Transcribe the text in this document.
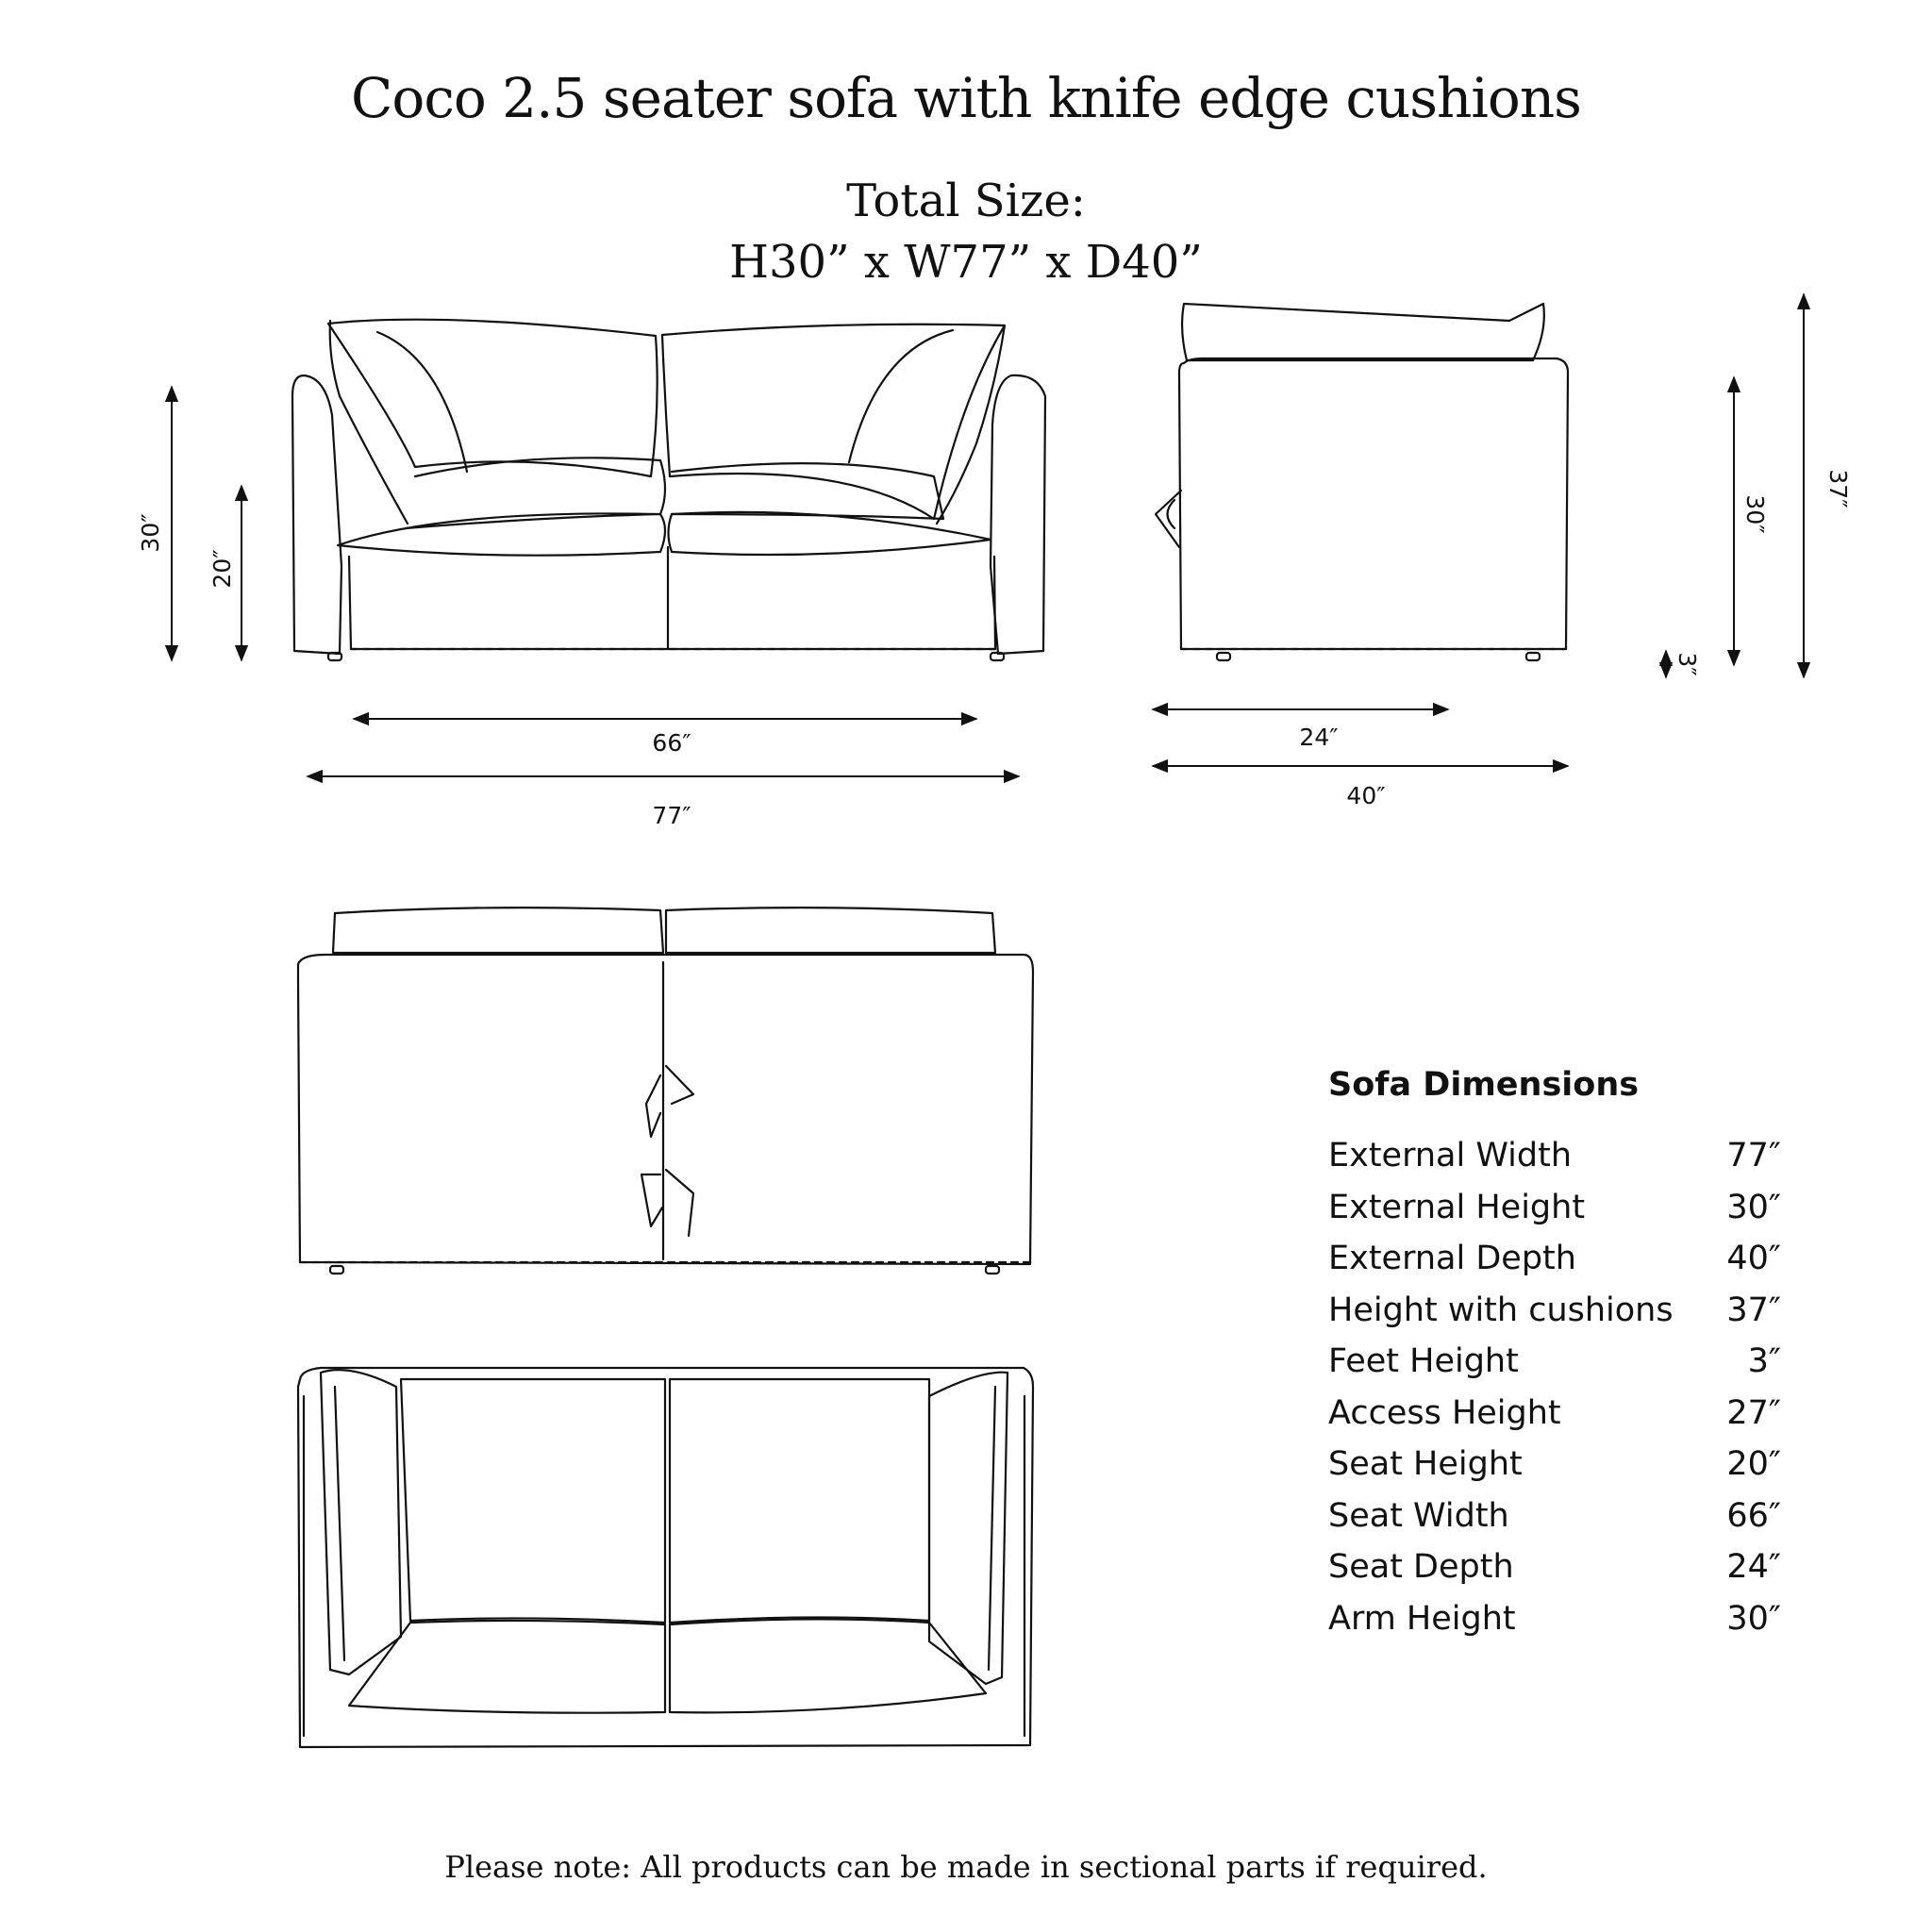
Coco 2.5 seater sofa with knife edge cushions
Total Size:
H30” x W77” x D40”
30″
20″
66″
77″
24″
40″
30″
37″
3″
Sofa Dimensions
External Width	77″
External Height	30″
External Depth	40″
Height with cushions 37″
Feet Height	3″
Access Height	27″
Seat Height	20″
Seat Width	66″
Seat Depth	24″
Arm Height	30″
Please note: All products can be made in sectional parts if required.
